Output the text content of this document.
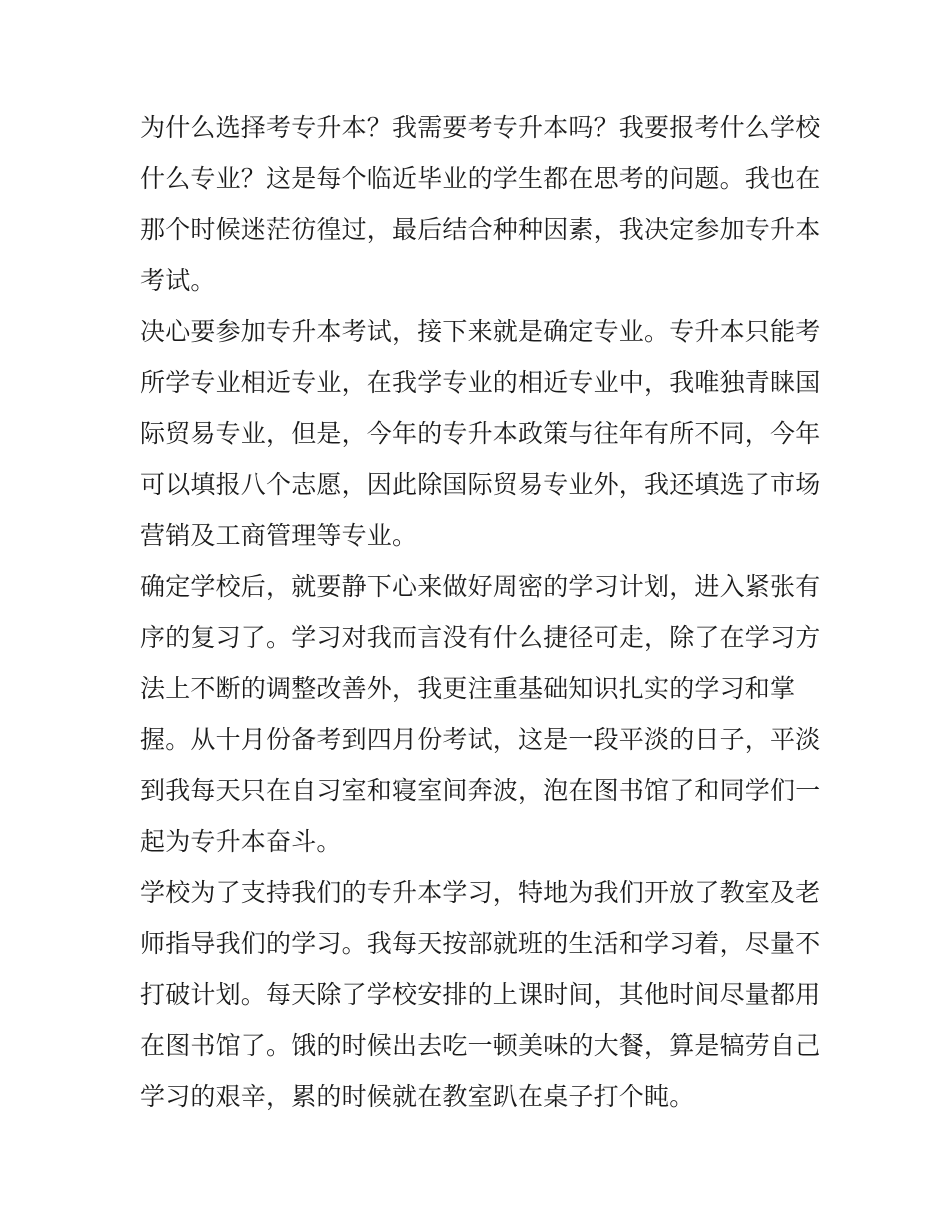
为什么选择考专升本？我需要考专升本吗？我要报考什么学校
什么专业？这是每个临近毕业的学生都在思考的问题。我也在
那个时候迷茫彷徨过，最后结合种种因素，我决定参加专升本
考试。
决心要参加专升本考试，接下来就是确定专业。专升本只能考
所学专业相近专业，在我学专业的相近专业中，我唯独青睐国
际贸易专业，但是，今年的专升本政策与往年有所不同，今年
可以填报八个志愿，因此除国际贸易专业外，我还填选了市场
营销及工商管理等专业。
确定学校后，就要静下心来做好周密的学习计划，进入紧张有
序的复习了。学习对我而言没有什么捷径可走，除了在学习方
法上不断的调整改善外，我更注重基础知识扎实的学习和掌
握。从十月份备考到四月份考试，这是一段平淡的日子，平淡
到我每天只在自习室和寝室间奔波，泡在图书馆了和同学们一
起为专升本奋斗。
学校为了支持我们的专升本学习，特地为我们开放了教室及老
师指导我们的学习。我每天按部就班的生活和学习着，尽量不
打破计划。每天除了学校安排的上课时间，其他时间尽量都用
在图书馆了。饿的时候出去吃一顿美味的大餐，算是犒劳自己
学习的艰辛，累的时候就在教室趴在桌子打个盹。
